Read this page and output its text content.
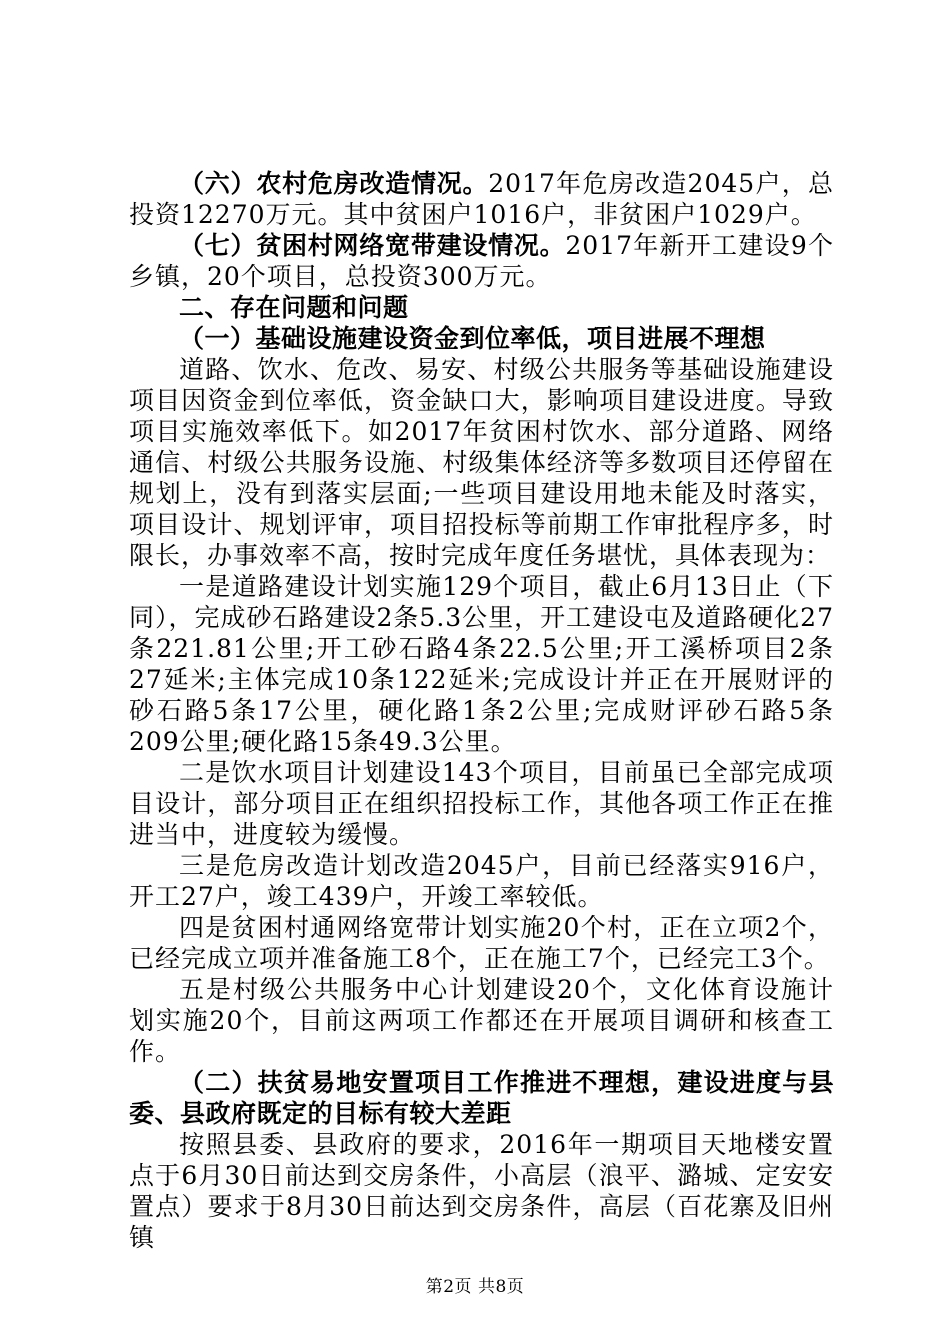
（六）农村危房改造情况。2017年危房改造2045户，总投资12270万元。其中贫困户1016户，非贫困户1029户。

（七）贫困村网络宽带建设情况。2017年新开工建设9个乡镇，20个项目，总投资300万元。

二、存在问题和问题

（一）基础设施建设资金到位率低，项目进展不理想

道路、饮水、危改、易安、村级公共服务等基础设施建设项目因资金到位率低，资金缺口大，影响项目建设进度。导致项目实施效率低下。如2017年贫困村饮水、部分道路、网络通信、村级公共服务设施、村级集体经济等多数项目还停留在规划上，没有到落实层面;一些项目建设用地未能及时落实，项目设计、规划评审，项目招投标等前期工作审批程序多，时限长，办事效率不高，按时完成年度任务堪忧，具体表现为：

一是道路建设计划实施129个项目，截止6月13日止（下同），完成砂石路建设2条5.3公里，开工建设屯及道路硬化27条221.81公里;开工砂石路4条22.5公里;开工溪桥项目2条27延米;主体完成10条122延米;完成设计并正在开展财评的砂石路5条17公里，硬化路1条2公里;完成财评砂石路5条209公里;硬化路15条49.3公里。

二是饮水项目计划建设143个项目，目前虽已全部完成项目设计，部分项目正在组织招投标工作，其他各项工作正在推进当中，进度较为缓慢。

三是危房改造计划改造2045户，目前已经落实916户，开工27户，竣工439户，开竣工率较低。

四是贫困村通网络宽带计划实施20个村，正在立项2个，已经完成立项并准备施工8个，正在施工7个，已经完工3个。

五是村级公共服务中心计划建设20个，文化体育设施计划实施20个，目前这两项工作都还在开展项目调研和核查工作。

（二）扶贫易地安置项目工作推进不理想，建设进度与县委、县政府既定的目标有较大差距

按照县委、县政府的要求，2016年一期项目天地楼安置点于6月30日前达到交房条件，小高层（浪平、潞城、定安安置点）要求于8月30日前达到交房条件，高层（百花寨及旧州镇

第2页 共8页
